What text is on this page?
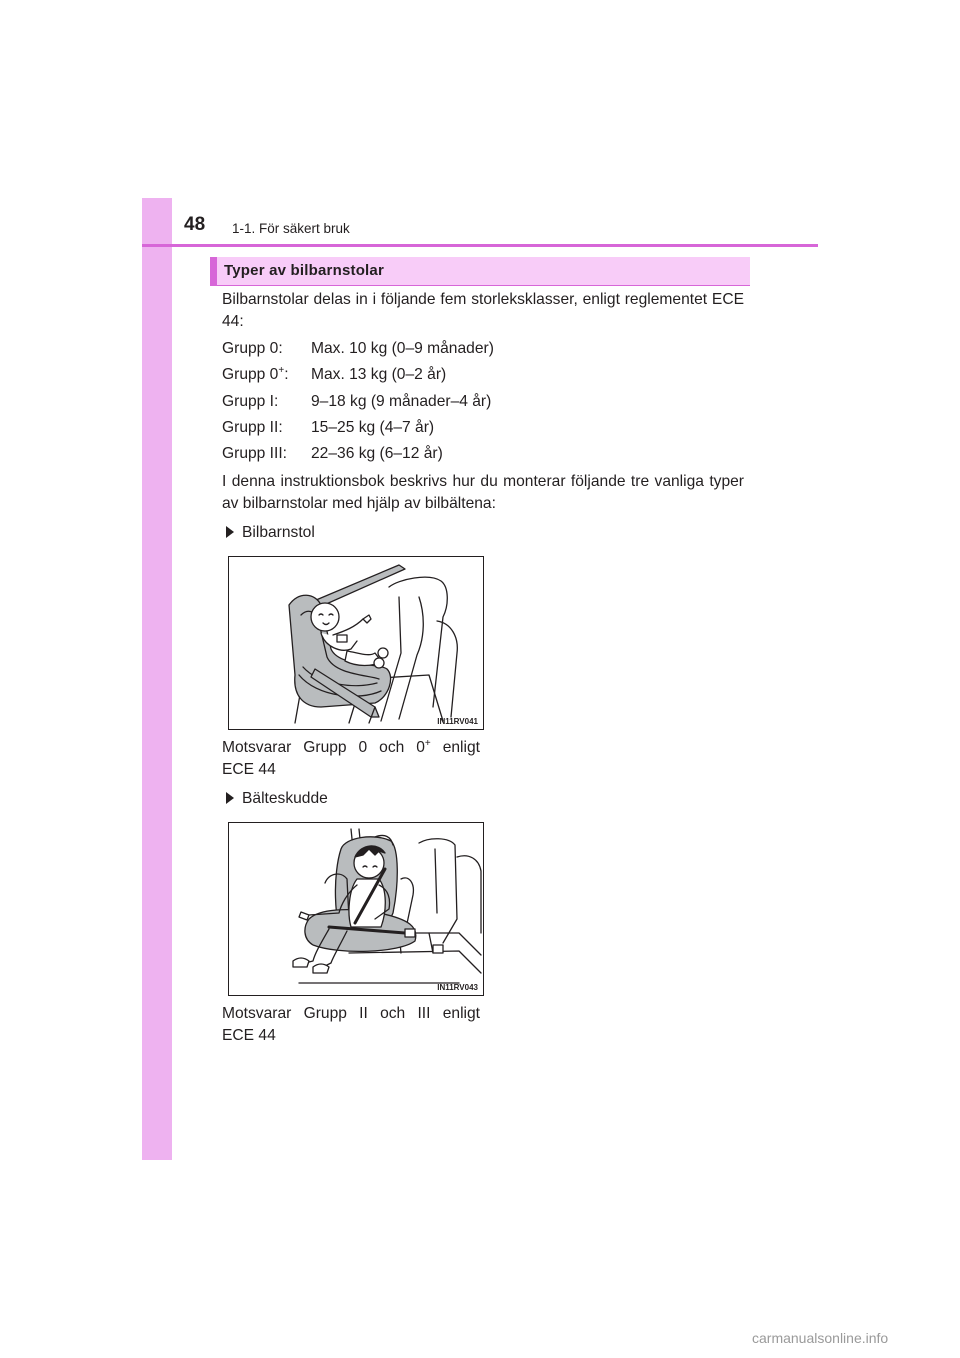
48 1-1. För säkert bruk
Typer av bilbarnstolar
Bilbarnstolar delas in i följande fem storleksklasser, enligt reglementet ECE 44:
Grupp 0: Max. 10 kg (0–9 månader)
Grupp 0+: Max. 13 kg (0–2 år)
Grupp I: 9–18 kg (9 månader–4 år)
Grupp II: 15–25 kg (4–7 år)
Grupp III: 22–36 kg (6–12 år)
I denna instruktionsbok beskrivs hur du monterar följande tre vanliga typer av bilbarnstolar med hjälp av bilbältena:
Bilbarnstol
IN11RV041
Motsvarar Grupp 0 och 0+ enligt
ECE 44
Bälteskudde
IN11RV043
Motsvarar Grupp II och III enligt
ECE 44
carmanualsonline.info
